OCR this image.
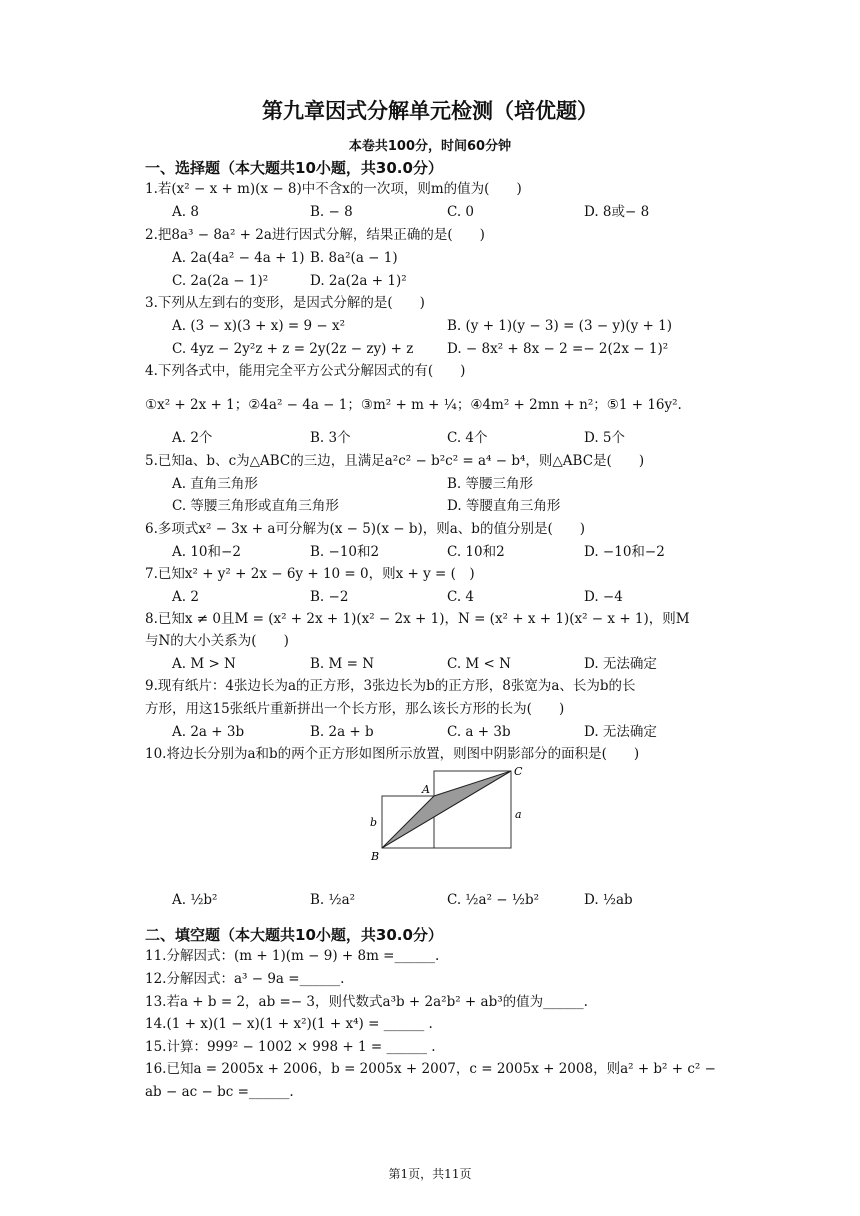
第九章因式分解单元检测（培优题）
本卷共100分，时间60分钟
一、选择题（本大题共10小题，共30.0分）
1.若(x² − x + m)(x − 8)中不含x的一次项，则m的值为(　　)
A. 8	B. − 8	C. 0	D. 8或− 8
2.把8a³ − 8a² + 2a进行因式分解，结果正确的是(　　)
A. 2a(4a² − 4a + 1) B. 8a²(a − 1)
C. 2a(2a − 1)²	D. 2a(2a + 1)²
3.下列从左到右的变形，是因式分解的是(　　)
A. (3 − x)(3 + x) = 9 − x²	B. (y + 1)(y − 3) = (3 − y)(y + 1)
C. 4yz − 2y²z + z = 2y(2z − zy) + z D. − 8x² + 8x − 2 =− 2(2x − 1)²
4.下列各式中，能用完全平方公式分解因式的有(　　)
①x² + 2x + 1；②4a² − 4a − 1；③m² + m + ¼；④4m² + 2mn + n²；⑤1 + 16y².
A. 2个	B. 3个	C. 4个	D. 5个
5.已知a、b、c为△ABC的三边，且满足a²c² − b²c² = a⁴ − b⁴，则△ABC是(　　)
A. 直角三角形	B. 等腰三角形
C. 等腰三角形或直角三角形	D. 等腰直角三角形
6.多项式x² − 3x + a可分解为(x − 5)(x − b)，则a、b的值分别是(　　)
A. 10和−2	B. −10和2	C. 10和2	D. −10和−2
7.已知x² + y² + 2x − 6y + 10 = 0，则x + y = (　)
A. 2	B. −2	C. 4	D. −4
8.已知x ≠ 0且M = (x² + 2x + 1)(x² − 2x + 1)，N = (x² + x + 1)(x² − x + 1)，则M
与N的大小关系为(　　)
A. M > N	B. M = N	C. M < N	D. 无法确定
9.现有纸片：4张边长为a的正方形，3张边长为b的正方形，8张宽为a、长为b的长
方形，用这15张纸片重新拼出一个长方形，那么该长方形的长为(　　)
A. 2a + 3b	B. 2a + b	C. a + 3b	D. 无法确定
10.将边长分别为a和b的两个正方形如图所示放置，则图中阴影部分的面积是(　　)
A
B
C
a
b
A. ½b²	B. ½a²	C. ½a² − ½b²	D. ½ab
二、填空题（本大题共10小题，共30.0分）
11.分解因式：(m + 1)(m − 9) + 8m =______.
12.分解因式：a³ − 9a =______.
13.若a + b = 2，ab =− 3，则代数式a³b + 2a²b² + ab³的值为______.
14.(1 + x)(1 − x)(1 + x²)(1 + x⁴) = ______ .
15.计算：999² − 1002 × 998 + 1 = ______ .
16.已知a = 2005x + 2006，b = 2005x + 2007，c = 2005x + 2008，则a² + b² + c² −
ab − ac − bc =______.
第1页，共11页
